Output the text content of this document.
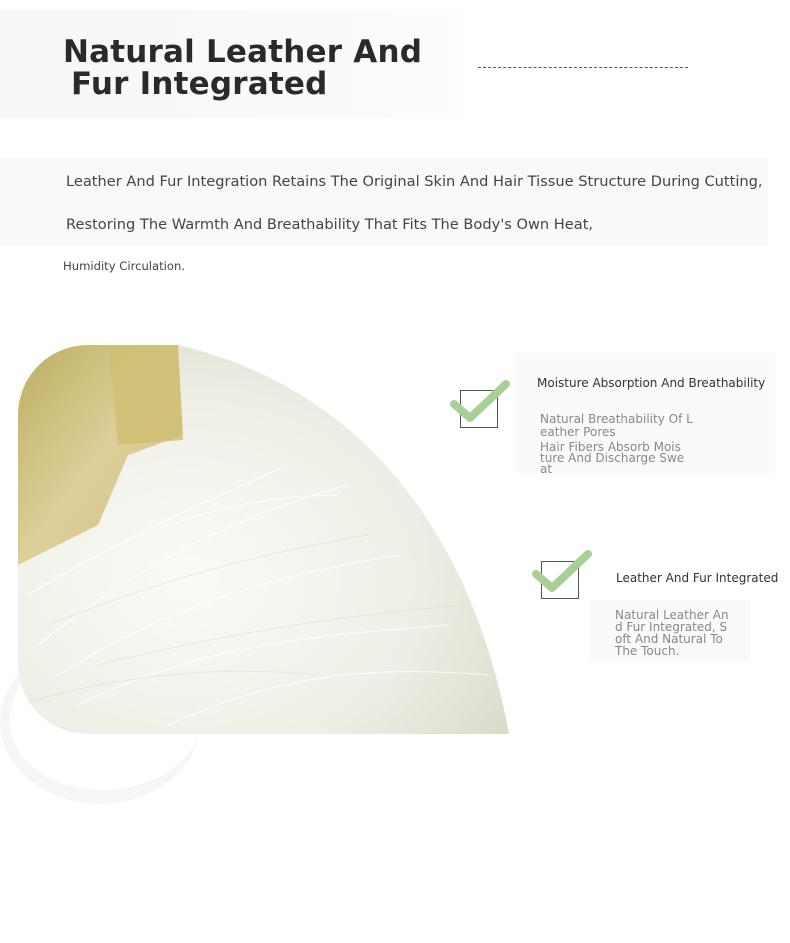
Natural Leather And
Fur Integrated

Leather And Fur Integration Retains The Original Skin And Hair Tissue Structure During Cutting,

Restoring The Warmth And Breathability That Fits The Body's Own Heat,

Humidity Circulation.

Moisture Absorption And Breathability

Natural Breathability Of Leather Pores

Hair Fibers Absorb Moisture And Discharge Sweat

Leather And Fur Integrated

Natural Leather And Fur Integrated, Soft And Natural To The Touch.
